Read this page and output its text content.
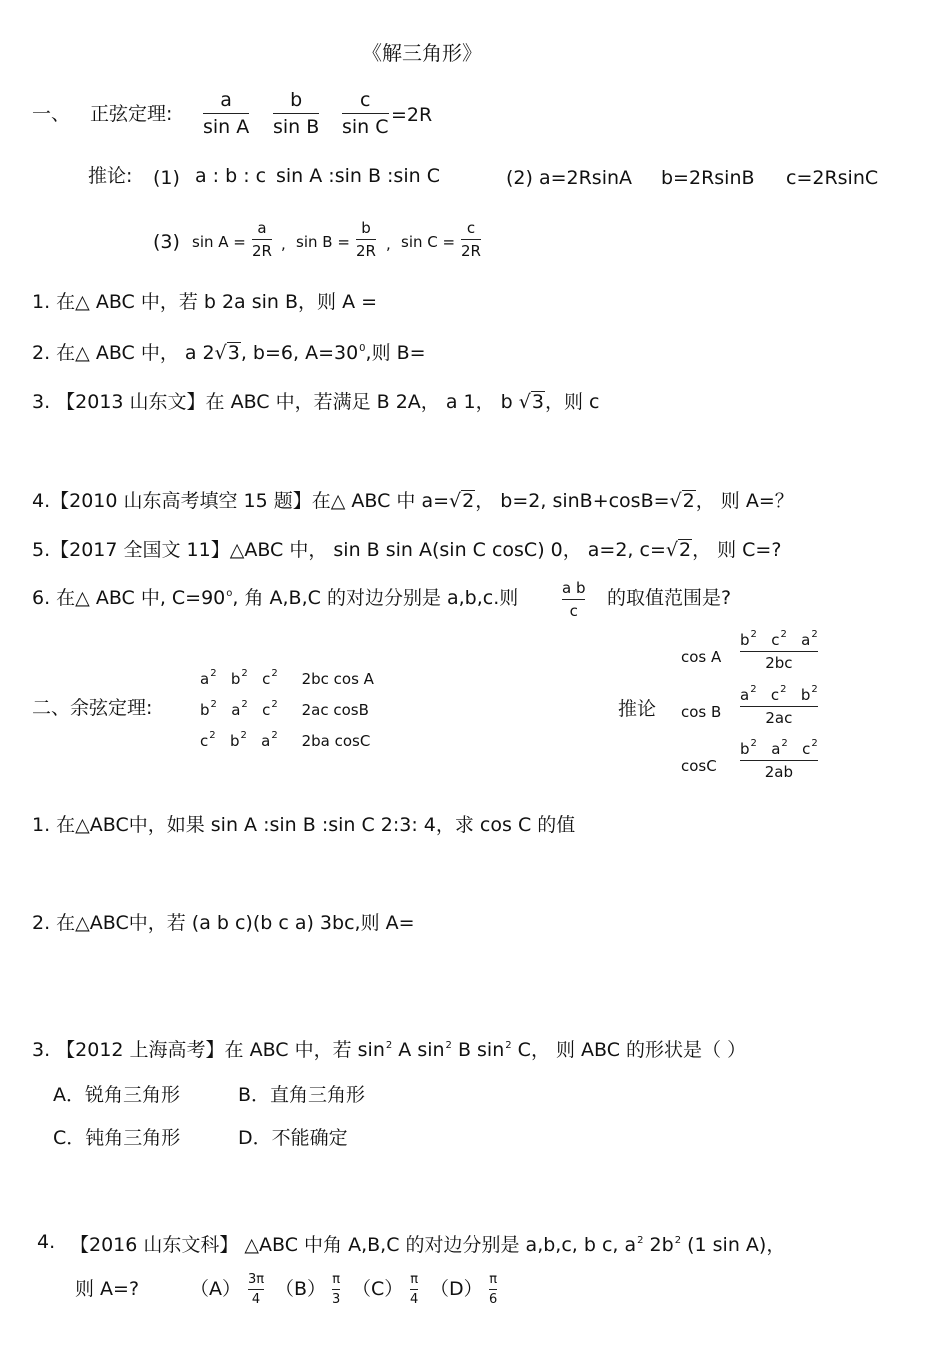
《解三角形》
一、 正弦定理:
a
sin A
b
sin B
c
sin C
=2R
推论: (1) a : b : c sin A :sin B :sin C	(2) a=2RsinA b=2RsinB c=2RsinC
(3) sin A =
a
2R , sin B =
b
2R , sin C =
c
2R
1. 在△ ABC 中，若 b 2a sin B，则 A =
2. 在△ ABC 中， a 2 √ 3 , b=6, $A=30^0$,则 B=
3. 【2013 山东文】在 ABC 中，若满足 B 2A， a 1， b √ 3 ，则 c
4.【2010 山东高考填空 15 题】在△ ABC 中 a= √ 2 ， b=2, sinB+cosB= √ 2 ， 则 A=？
5.【2017 全国文 11】△ABC 中， sin B sin A(sin C cosC) 0， a=2, c= √ 2 ， 则 C=?
6. 在△ ABC 中, $C=90^o$, 角 A,B,C 的对边分别是 a,b,c.则	a b
c
的取值范围是?
二、余弦定理:
$a^2$ $b^2$ $c^2$ 2bc cos A
$b^2$ $a^2$ $c^2$ 2ac cosB
$c^2$ $b^2$ $a^2$ 2ba cosC
推论
cos A
$b^2$ $c^2$ $a^2$
2bc
cos B
$a^2$ $c^2$ $b^2$
2ac
cosC
$b^2$ $a^2$ $c^2$
2ab
1. 在△ABC中，如果 sin A :sin B :sin C 2:3: 4，求 cos C 的值
2. 在△ABC中，若 (a b c)(b c a) 3bc,则 A=
3. 【2012 上海高考】在 ABC 中，若 $\sin^2 A$ $\sin^2 B$ $\sin^2 C$， 则 ABC 的形状是（ ）
A．锐角三角形	B．直角三角形
C．钝角三角形	D．不能确定
4. 【2016 山东文科】 △ABC 中角 A,B,C 的对边分别是 a,b,c, b c, $a^2$ $2b^2$ (1 sin A)，
则 A=?	（A） 3π
4 （B） π
3 （C） π
4 （D） π
6
